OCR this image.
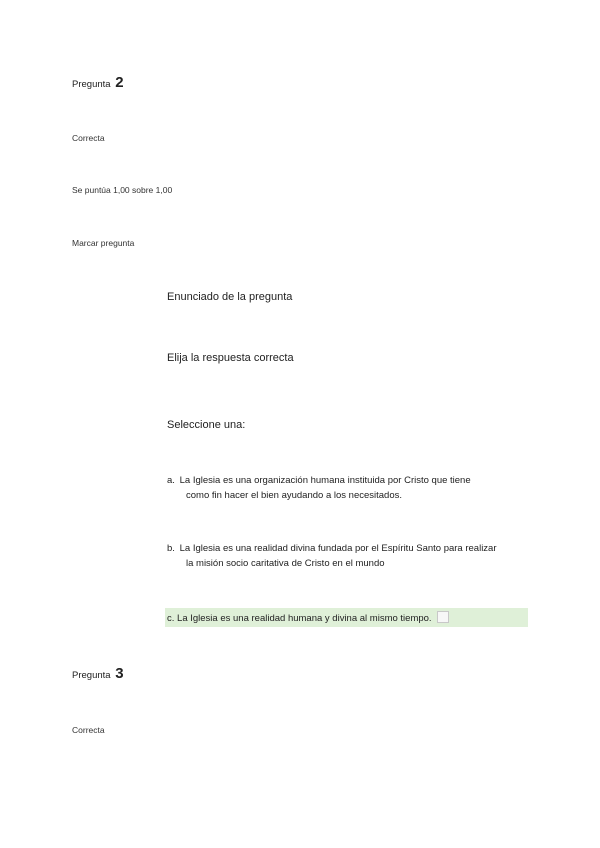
Pregunta 2
Correcta
Se puntúa 1,00 sobre 1,00
Marcar pregunta
Enunciado de la pregunta
Elija la respuesta correcta
Seleccione una:
a. La Iglesia es una organización humana instituida por Cristo que tiene
como fin hacer el bien ayudando a los necesitados.
b. La Iglesia es una realidad divina fundada por el Espíritu Santo para realizar
la misión socio caritativa de Cristo en el mundo
c. La Iglesia es una realidad humana y divina al mismo tiempo.
Pregunta 3
Correcta
